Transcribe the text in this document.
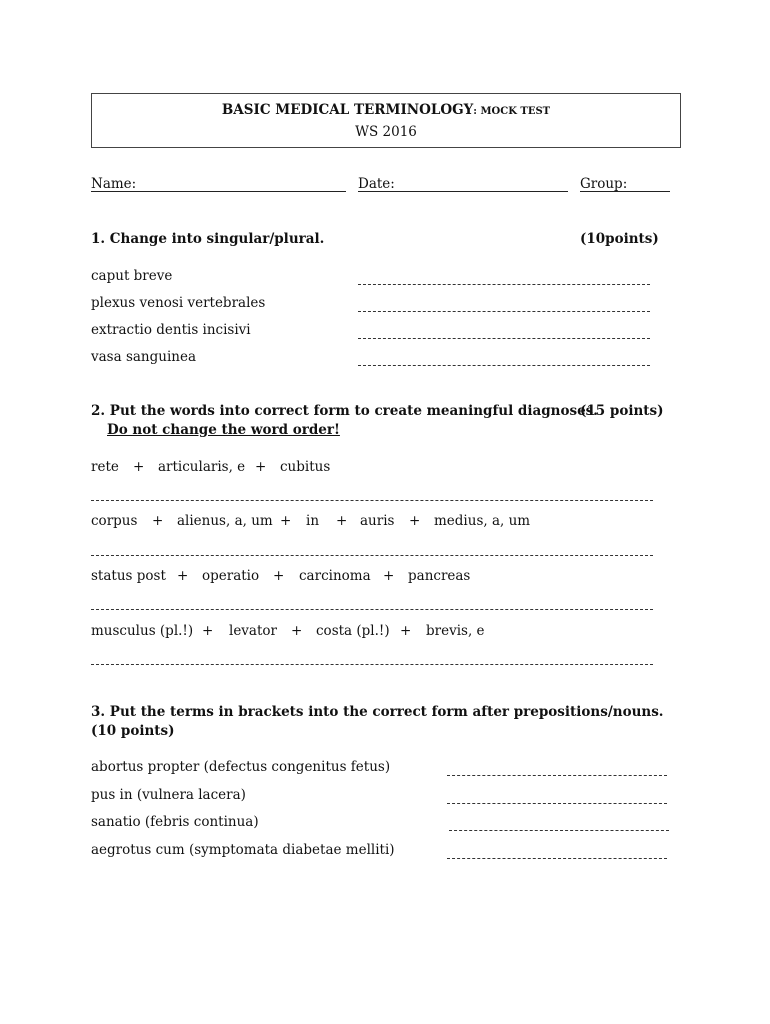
BASIC MEDICAL TERMINOLOGY: MOCK TEST
WS 2016
Name:	Date:	Group:
1. Change into singular/plural.	(10points)
caput breve
plexus venosi vertebrales
extractio dentis incisivi
vasa sanguinea
2. Put the words into correct form to create meaningful diagnoses.
(15 points)
Do not change the word order!
rete + articularis, e + cubitus
corpus + alienus, a, um + in + auris + medius, a, um
status post + operatio + carcinoma + pancreas
musculus (pl.!) + levator + costa (pl.!) + brevis, e
3. Put the terms in brackets into the correct form after prepositions/nouns.
(10 points)
abortus propter (defectus congenitus fetus)
pus in (vulnera lacera)
sanatio (febris continua)
aegrotus cum (symptomata diabetae melliti)
